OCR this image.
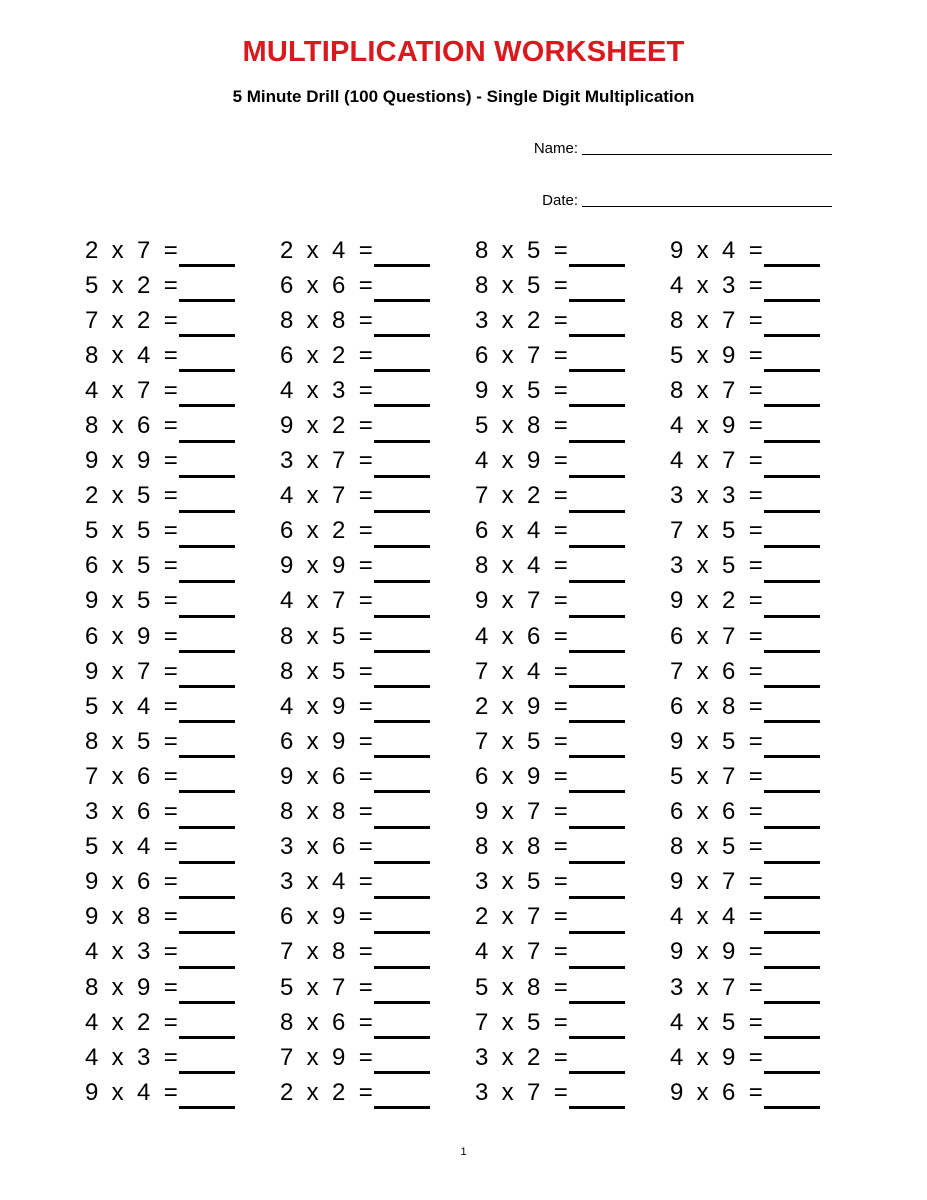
MULTIPLICATION WORKSHEET
5 Minute Drill (100 Questions) - Single Digit Multiplication
Name:
Date:
2  x  7  =
5  x  2  =
7  x  2  =
8  x  4  =
4  x  7  =
8  x  6  =
9  x  9  =
2  x  5  =
5  x  5  =
6  x  5  =
9  x  5  =
6  x  9  =
9  x  7  =
5  x  4  =
8  x  5  =
7  x  6  =
3  x  6  =
5  x  4  =
9  x  6  =
9  x  8  =
4  x  3  =
8  x  9  =
4  x  2  =
4  x  3  =
9  x  4  =
2  x  4  =
6  x  6  =
8  x  8  =
6  x  2  =
4  x  3  =
9  x  2  =
3  x  7  =
4  x  7  =
6  x  2  =
9  x  9  =
4  x  7  =
8  x  5  =
8  x  5  =
4  x  9  =
6  x  9  =
9  x  6  =
8  x  8  =
3  x  6  =
3  x  4  =
6  x  9  =
7  x  8  =
5  x  7  =
8  x  6  =
7  x  9  =
2  x  2  =
8  x  5  =
8  x  5  =
3  x  2  =
6  x  7  =
9  x  5  =
5  x  8  =
4  x  9  =
7  x  2  =
6  x  4  =
8  x  4  =
9  x  7  =
4  x  6  =
7  x  4  =
2  x  9  =
7  x  5  =
6  x  9  =
9  x  7  =
8  x  8  =
3  x  5  =
2  x  7  =
4  x  7  =
5  x  8  =
7  x  5  =
3  x  2  =
3  x  7  =
9  x  4  =
4  x  3  =
8  x  7  =
5  x  9  =
8  x  7  =
4  x  9  =
4  x  7  =
3  x  3  =
7  x  5  =
3  x  5  =
9  x  2  =
6  x  7  =
7  x  6  =
6  x  8  =
9  x  5  =
5  x  7  =
6  x  6  =
8  x  5  =
9  x  7  =
4  x  4  =
9  x  9  =
3  x  7  =
4  x  5  =
4  x  9  =
9  x  6  =
1
